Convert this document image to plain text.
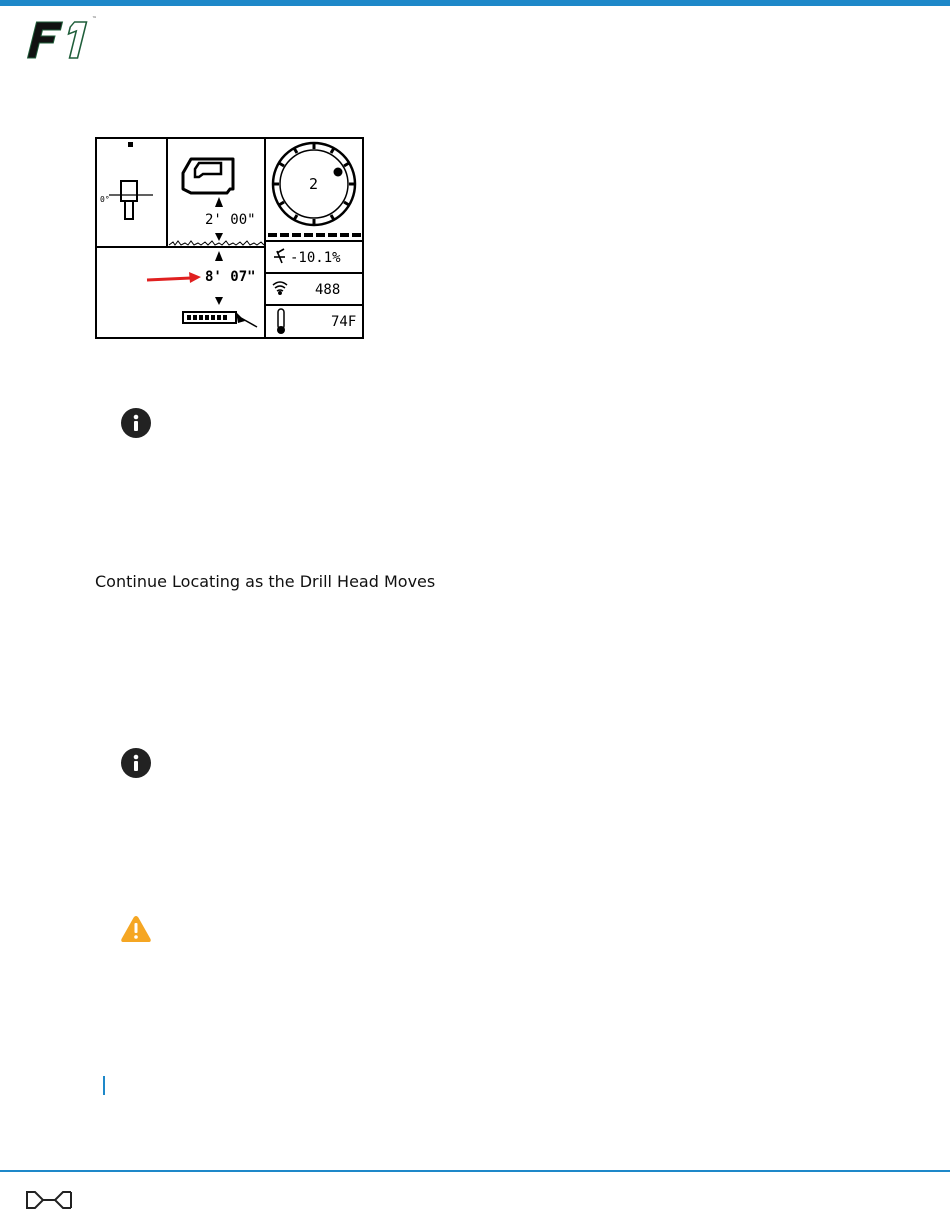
™
0°
2
2' 00"
8' 07"
-10.1%
488
74F
Continue Locating as the Drill Head Moves
